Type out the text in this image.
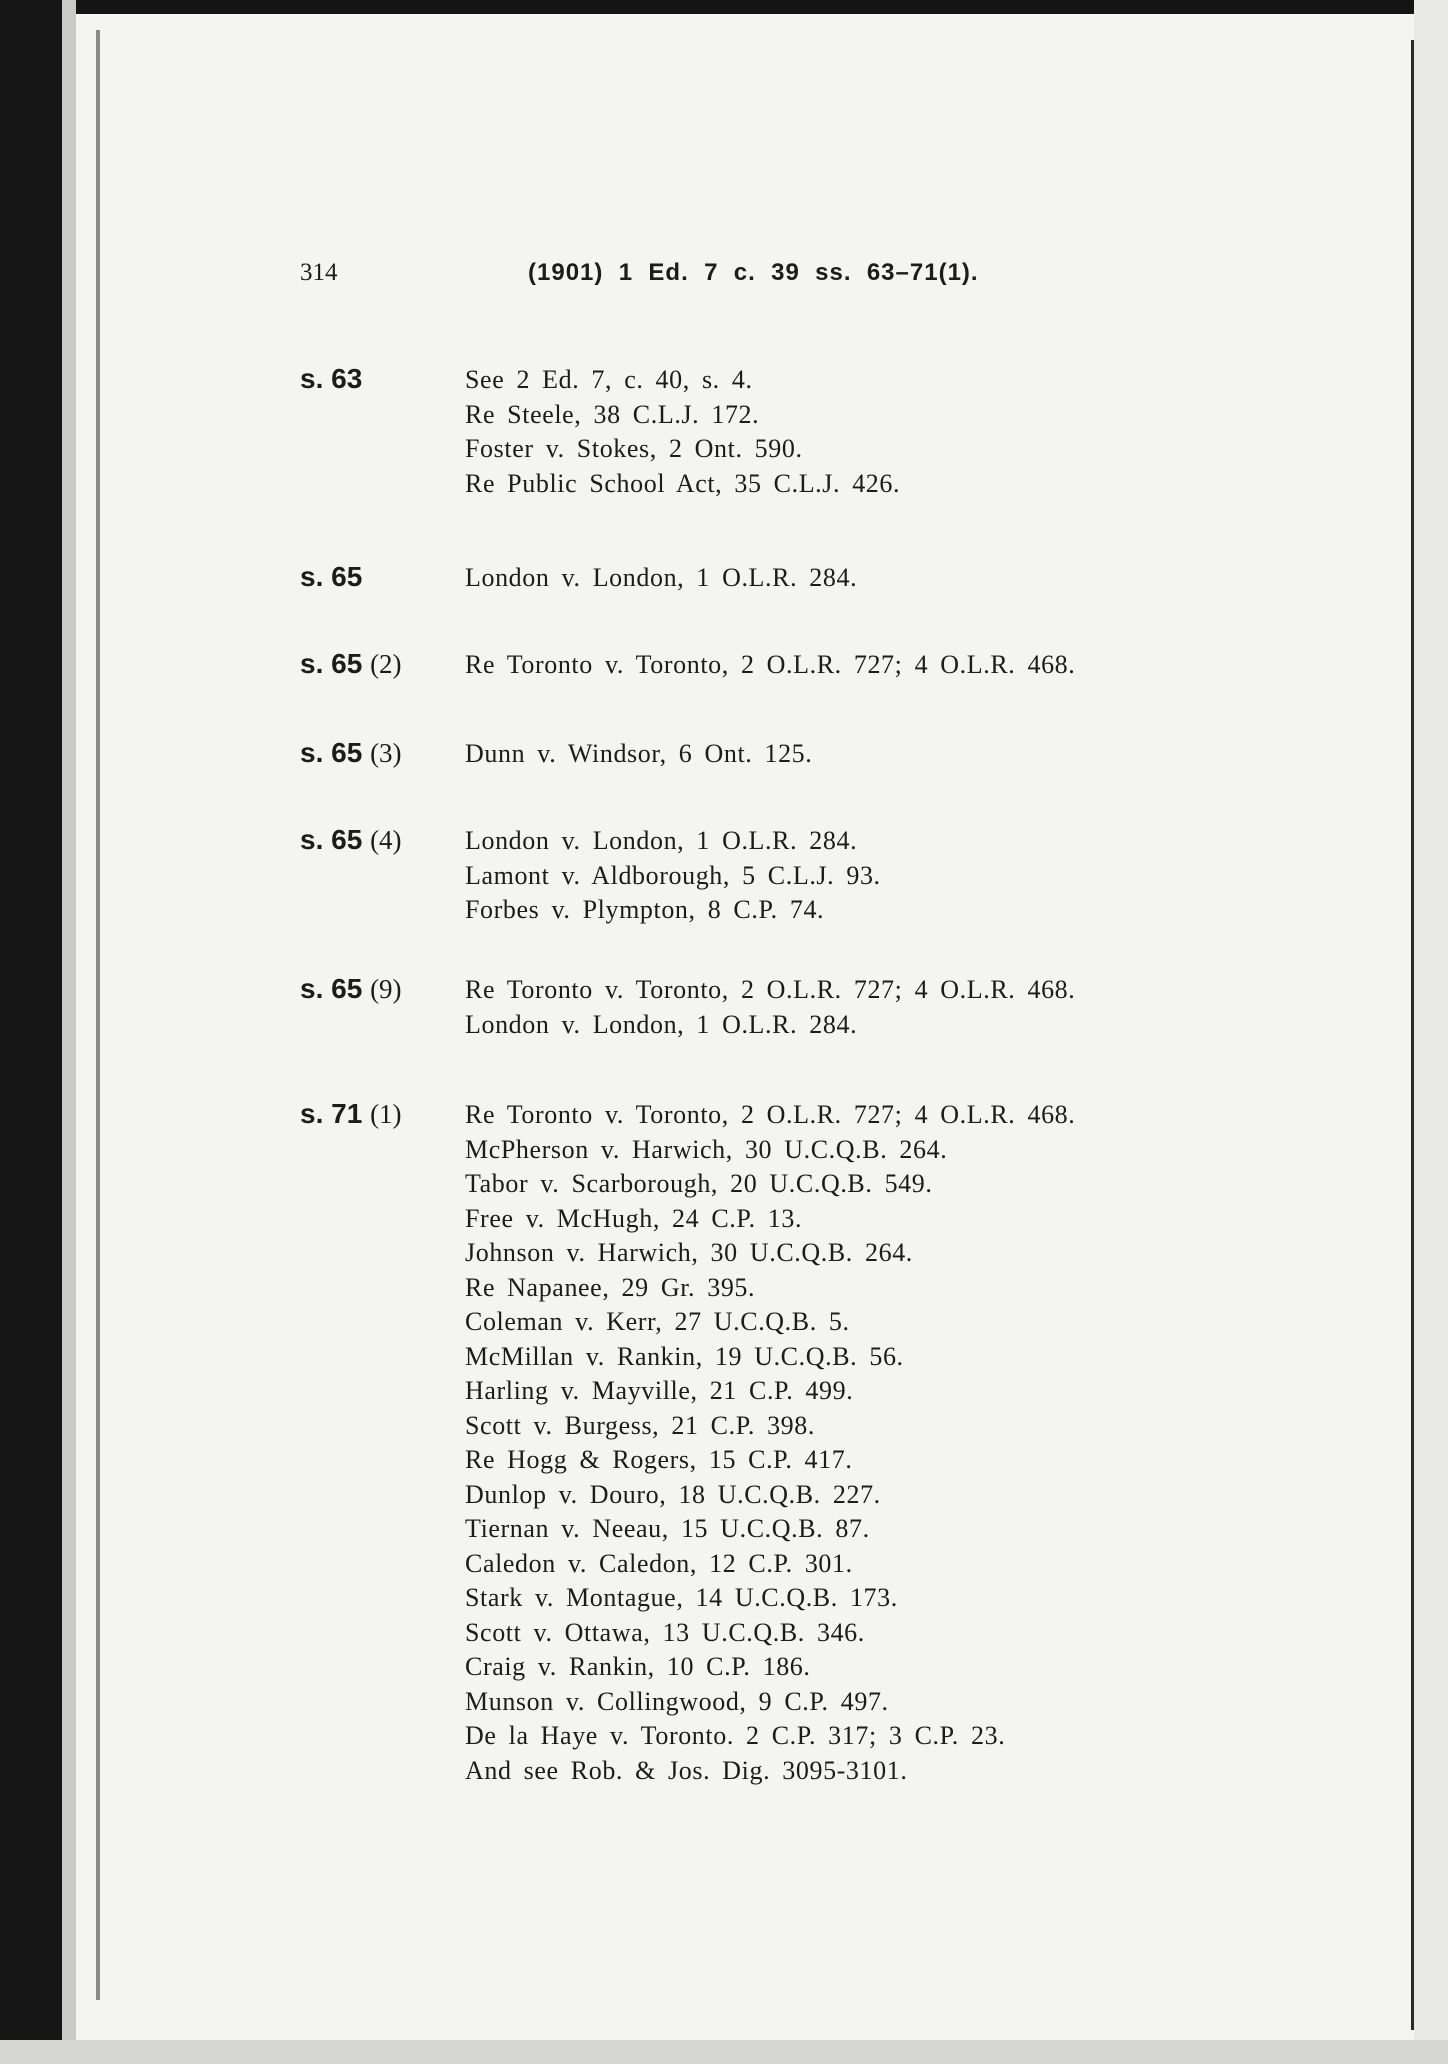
314	(1901)  1  Ed.  7  c.  39  ss.  63–71(1).
s. 63	See 2 Ed. 7, c. 40, s. 4.
Re Steele, 38 C.L.J. 172.
Foster v. Stokes, 2 Ont. 590.
Re Public School Act, 35 C.L.J. 426.
s. 65	London v. London, 1 O.L.R. 284.
s. 65 (2)	Re Toronto v. Toronto, 2 O.L.R. 727; 4 O.L.R. 468.
s. 65 (3)	Dunn v. Windsor, 6 Ont. 125.
s. 65 (4)	London v. London, 1 O.L.R. 284.
Lamont v. Aldborough, 5 C.L.J. 93.
Forbes v. Plympton, 8 C.P. 74.
s. 65 (9)	Re Toronto v. Toronto, 2 O.L.R. 727; 4 O.L.R. 468.
London v. London, 1 O.L.R. 284.
s. 71 (1)	Re Toronto v. Toronto, 2 O.L.R. 727; 4 O.L.R. 468.
McPherson v. Harwich, 30 U.C.Q.B. 264.
Tabor v. Scarborough, 20 U.C.Q.B. 549.
Free v. McHugh, 24 C.P. 13.
Johnson v. Harwich, 30 U.C.Q.B. 264.
Re Napanee, 29 Gr. 395.
Coleman v. Kerr, 27 U.C.Q.B. 5.
McMillan v. Rankin, 19 U.C.Q.B. 56.
Harling v. Mayville, 21 C.P. 499.
Scott v. Burgess, 21 C.P. 398.
Re Hogg & Rogers, 15 C.P. 417.
Dunlop v. Douro, 18 U.C.Q.B. 227.
Tiernan v. Neeau, 15 U.C.Q.B. 87.
Caledon v. Caledon, 12 C.P. 301.
Stark v. Montague, 14 U.C.Q.B. 173.
Scott v. Ottawa, 13 U.C.Q.B. 346.
Craig v. Rankin, 10 C.P. 186.
Munson v. Collingwood, 9 C.P. 497.
De la Haye v. Toronto. 2 C.P. 317; 3 C.P. 23.
And see Rob. & Jos. Dig. 3095-3101.
